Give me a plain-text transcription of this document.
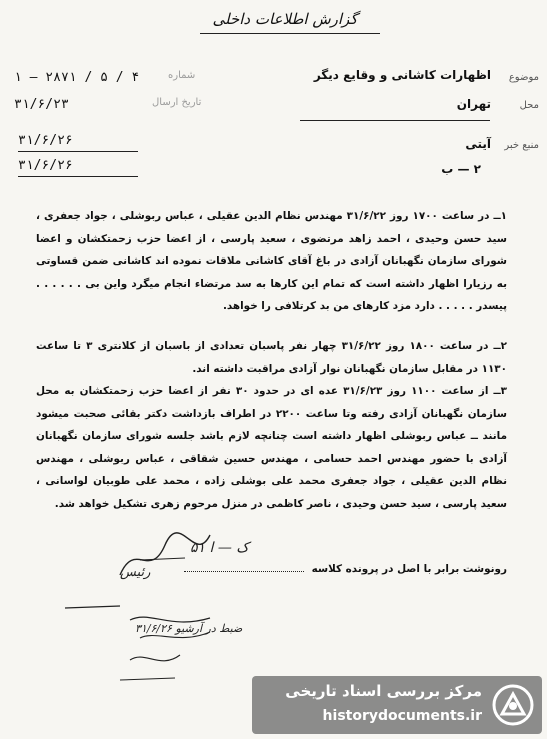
گزارش اطلاعات داخلی
۱ — ۲۸۷۱ / ۵ / ۴	شماره
۳۱/۶/۲۳	تاریخ ارسال
۳۱/۶/۲۶
۳۱/۶/۲۶
موضوع
اظهارات کاشانی و وقایع دیگر
محل
تهران
منبع خبر
آیتی
۲ — ب
۱ــ در ساعت ۱۷۰۰ روز ۳۱/۶/۲۲ مهندس نظام الدین عقیلی ، عباس ربوشلی ، جواد جعفری ، سید حسن وحیدی ، احمد زاهد مرتضوی ، سعید پارسی ، از اعضا حزب زحمتکشان و اعضا شورای سازمان نگهبانان آزادی در باغ آقای کاشانی ملاقات نموده اند کاشانی ضمن قساوتی به رزیارا اظهار داشته است که تمام این کارها به سد مرتضاء انجام میگرد واین بی . . . . . . پیسدر . . . . . دارد مزد کارهای من بد کرتلافی را خواهد.
۲ــ در ساعت ۱۸۰۰ روز ۳۱/۶/۲۲ چهار نفر پاسبان تعدادی از باسبان از کلانتری ۳ تا ساعت ۱۱۳۰ در مقابل سازمان نگهبانان نوار آزادی مراقبت داشته اند.
۳ــ از ساعت ۱۱۰۰ روز ۳۱/۶/۲۳ عده ای در حدود ۳۰ نفر از اعضا حزب زحمتکشان به محل سازمان نگهبانان آزادی رفته وتا ساعت ۲۲۰۰ در اطراف بازداشت دکتر بقائی صحبت میشود مانند ــ عباس ربوشلی اظهار داشته است چنانچه لازم باشد جلسه شورای سازمان نگهبانان آزادی با حضور مهندس احمد حسامی ، مهندس حسین شقاقی ، عباس ربوشلی ، مهندس نظام الدین عقیلی ، جواد جعفری محمد علی بوشلی زاده ، محمد علی طوبیان لواسانی ، سعید پارسی ، سید حسن وحیدی ، ناصر کاظمی در منزل مرحوم زهری تشکیل خواهد شد.
رونوشت برابر با اصل در پرونده کلاسه
ک — ا ۵۱
رئیس
ضبط در آرشیو ۳۱/۶/۲۶
مرکز بررسی اسناد تاریخی
historydocuments.ir
